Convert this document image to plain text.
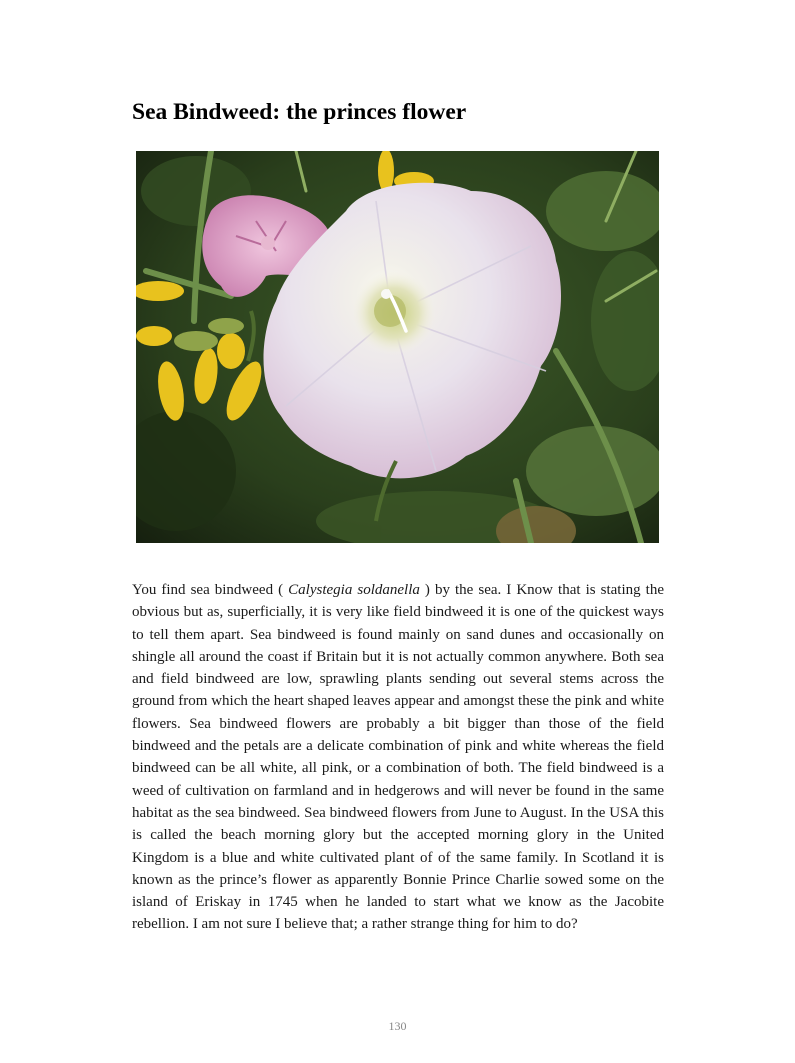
Sea Bindweed: the princes flower

You find sea bindweed ( Calystegia soldanella ) by the sea. I Know that is stating the obvious but as, superficially, it is very like field bindweed it is one of the quickest ways to tell them apart. Sea bindweed is found mainly on sand dunes and occasionally on shingle all around the coast if Britain but it is not actually common anywhere. Both sea and field bindweed are low, sprawling plants sending out several stems across the ground from which the heart shaped leaves appear and amongst these the pink and white flowers. Sea bindweed flowers are probably a bit bigger than those of the field bindweed and the petals are a delicate combination of pink and white whereas the field bindweed can be all white, all pink, or a combination of both. The field bindweed is a weed of cultivation on farmland and in hedgerows and will never be found in the same habitat as the sea bindweed. Sea bindweed flowers from June to August. In the USA this is called the beach morning glory but the accepted morning glory in the United Kingdom is a blue and white cultivated plant of of the same family. In Scotland it is known as the prince’s flower as apparently Bonnie Prince Charlie sowed some on the island of Eriskay in 1745 when he landed to start what we know as the Jacobite rebellion. I am not sure I believe that; a rather strange thing for him to do?

130
